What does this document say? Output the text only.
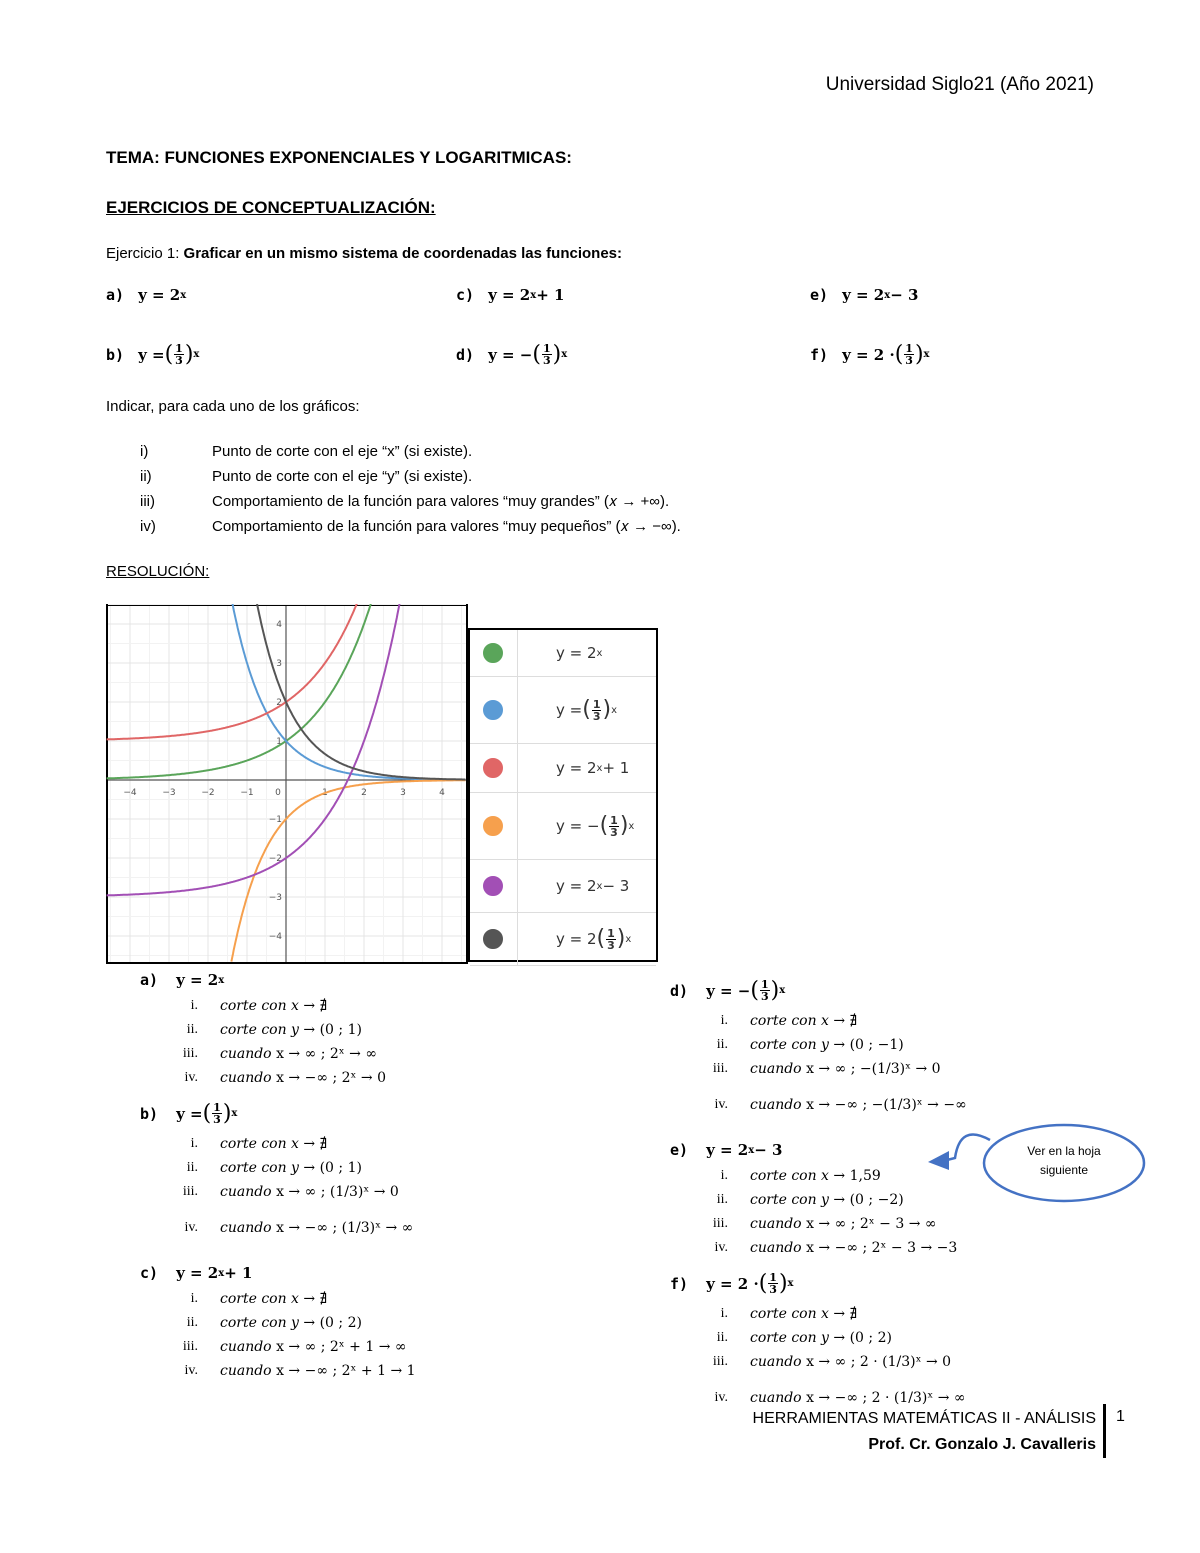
Universidad Siglo21 (Año 2021)
TEMA: FUNCIONES EXPONENCIALES Y LOGARITMICAS:
EJERCICIOS DE CONCEPTUALIZACIÓN:
Ejercicio 1: Graficar en un mismo sistema de coordenadas las funciones:
a) y = 2 x	c) y = 2 x + 1	e) y = 2 x − 3
b) y = ( $\frac{1}{3}$ ) x	d) y = − ( $\frac{1}{3}$ ) x	f) y = 2 · ( $\frac{1}{3}$ ) x
Indicar, para cada uno de los gráficos:
i)	Punto de corte con el eje “x” (si existe).
ii)	Punto de corte con el eje “y” (si existe).
iii)	Comportamiento de la función para valores “muy grandes” (𝑥 → +∞).
iv)	Comportamiento de la función para valores “muy pequeños” (𝑥 → −∞).
RESOLUCIÓN:
−4	−3	−2	−1 0	1	2	3	4
4
3
2
1
−1
−2
−3
−4
y = 2 x
y = ( $\frac{1}{3}$ ) x
y = 2 x + 1
y = − ( $\frac{1}{3}$ ) x
y = 2 x − 3
y = 2 ( $\frac{1}{3}$ ) x
a) y = 2 x
i. corte con x → ∄
ii. corte con y → (0 ; 1)
iii. cuando x → ∞ ; 2ˣ → ∞
iv. cuando x → −∞ ; 2ˣ → 0
b) y = ( $\frac{1}{3}$ ) x
i. corte con x → ∄
ii. corte con y → (0 ; 1)
iii. cuando x → ∞ ; (1/3)ˣ → 0
iv. cuando x → −∞ ; (1/3)ˣ → ∞
c) y = 2 x + 1
i. corte con x → ∄
ii. corte con y → (0 ; 2)
iii. cuando x → ∞ ; 2ˣ + 1 → ∞
iv. cuando x → −∞ ; 2ˣ + 1 → 1
d) y = − ( $\frac{1}{3}$ ) x
i. corte con x → ∄
ii. corte con y → (0 ; −1)
iii. cuando x → ∞ ; −(1/3)ˣ → 0
iv. cuando x → −∞ ; −(1/3)ˣ → −∞
e) y = 2 x − 3
i. corte con x → 1,59
ii. corte con y → (0 ; −2)
iii. cuando x → ∞ ; 2ˣ − 3 → ∞
iv. cuando x → −∞ ; 2ˣ − 3 → −3
f) y = 2 · ( $\frac{1}{3}$ ) x
i. corte con x → ∄
ii. corte con y → (0 ; 2)
iii. cuando x → ∞ ; 2 · (1/3)ˣ → 0
iv. cuando x → −∞ ; 2 · (1/3)ˣ → ∞
Ver en la hoja siguiente
HERRAMIENTAS MATEMÁTICAS II - ANÁLISIS
Prof. Cr. Gonzalo J. Cavalleris
1
